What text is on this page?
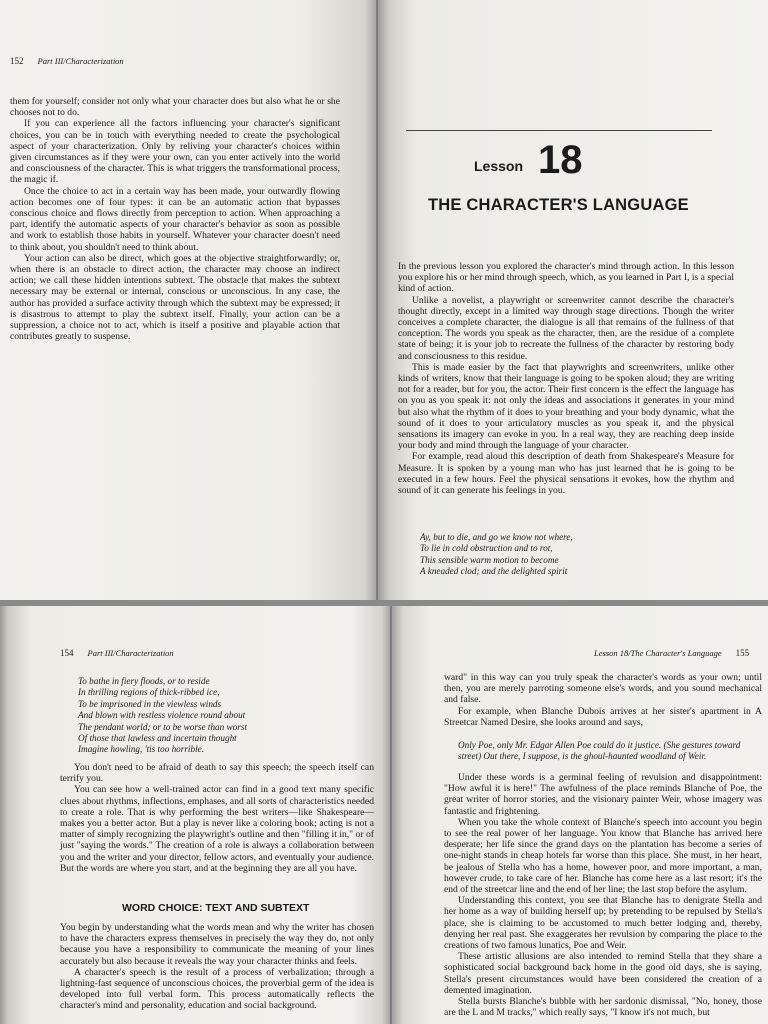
152 Part III/Characterization

them for yourself; consider not only what your character does but also what he or she chooses not to do.

If you can experience all the factors influencing your character's significant choices, you can be in touch with everything needed to create the psychological aspect of your characterization. Only by reliving your character's choices within given circumstances as if they were your own, can you enter actively into the world and consciousness of the character. This is what triggers the transformational process, the magic if.

Once the choice to act in a certain way has been made, your outwardly flowing action becomes one of four types: it can be an automatic action that bypasses conscious choice and flows directly from perception to action. When approaching a part, identify the automatic aspects of your character's behavior as soon as possible and work to establish those habits in yourself. Whatever your character doesn't need to think about, you shouldn't need to think about.

Your action can also be direct, which goes at the objective straightforwardly; or, when there is an obstacle to direct action, the character may choose an indirect action; we call these hidden intentions subtext. The obstacle that makes the subtext necessary may be external or internal, conscious or unconscious. In any case, the author has provided a surface activity through which the subtext may be expressed; it is disastrous to attempt to play the subtext itself. Finally, your action can be a suppression, a choice not to act, which is itself a positive and playable action that contributes greatly to suspense.

Lesson 18
THE CHARACTER'S LANGUAGE

In the previous lesson you explored the character's mind through action. In this lesson you explore his or her mind through speech, which, as you learned in Part I, is a special kind of action.

Unlike a novelist, a playwright or screenwriter cannot describe the character's thought directly, except in a limited way through stage directions. Though the writer conceives a complete character, the dialogue is all that remains of the fullness of that conception. The words you speak as the character, then, are the residue of a complete state of being; it is your job to recreate the fullness of the character by restoring body and consciousness to this residue.

This is made easier by the fact that playwrights and screenwriters, unlike other kinds of writers, know that their language is going to be spoken aloud; they are writing not for a reader, but for you, the actor. Their first concern is the effect the language has on you as you speak it: not only the ideas and associations it generates in your mind but also what the rhythm of it does to your breathing and your body dynamic, what the sound of it does to your articulatory muscles as you speak it, and the physical sensations its imagery can evoke in you. In a real way, they are reaching deep inside your body and mind through the language of your character.

For example, read aloud this description of death from Shakespeare's Measure for Measure. It is spoken by a young man who has just learned that he is going to be executed in a few hours. Feel the physical sensations it evokes, how the rhythm and sound of it can generate his feelings in you.

Ay, but to die, and go we know not where,
To lie in cold obstruction and to rot,
This sensible warm motion to become
A kneaded clod; and the delighted spirit
154 Part III/Characterization
To bathe in fiery floods, or to reside
In thrilling regions of thick-ribbed ice,
To be imprisoned in the viewless winds
And blown with restless violence round about
The pendant world; or to be worse than worst
Of those that lawless and incertain thought
Imagine howling, 'tis too horrible.

You don't need to be afraid of death to say this speech; the speech itself can terrify you.

You can see how a well-trained actor can find in a good text many specific clues about rhythms, inflections, emphases, and all sorts of characteristics needed to create a role. That is why performing the best writers—like Shakespeare—makes you a better actor. But a play is never like a coloring book; acting is not a matter of simply recognizing the playwright's outline and then "filling it in," or of just "saying the words." The creation of a role is always a collaboration between you and the writer and your director, fellow actors, and eventually your audience. But the words are where you start, and at the beginning they are all you have.

WORD CHOICE: TEXT AND SUBTEXT

You begin by understanding what the words mean and why the writer has chosen to have the characters express themselves in precisely the way they do, not only because you have a responsibility to communicate the meaning of your lines accurately but also because it reveals the way your character thinks and feels.

A character's speech is the result of a process of verbalization; through a lightning-fast sequence of unconscious choices, the proverbial germ of the idea is developed into full verbal form. This process automatically reflects the character's mind and personality, education and social background.

Lesson 18/The Character's Language 155

ward" in this way can you truly speak the character's words as your own; until then, you are merely parroting someone else's words, and you sound mechanical and false.

For example, when Blanche Dubois arrives at her sister's apartment in A Streetcar Named Desire, she looks around and says,

Only Poe, only Mr. Edgar Allen Poe could do it justice. (She gestures toward street) Out there, I suppose, is the ghoul-haunted woodland of Weir.

Under these words is a germinal feeling of revulsion and disappointment: "How awful it is here!" The awfulness of the place reminds Blanche of Poe, the great writer of horror stories, and the visionary painter Weir, whose imagery was fantastic and frightening.

When you take the whole context of Blanche's speech into account you begin to see the real power of her language. You know that Blanche has arrived here desperate; her life since the grand days on the plantation has become a series of one-night stands in cheap hotels far worse than this place. She must, in her heart, be jealous of Stella who has a home, however poor, and more important, a man, however crude, to take care of her. Blanche has come here as a last resort; it's the end of the streetcar line and the end of her line; the last stop before the asylum.

Understanding this context, you see that Blanche has to denigrate Stella and her home as a way of building herself up; by pretending to be repulsed by Stella's place, she is claiming to be accustomed to much better lodging and, thereby, denying her real past. She exaggerates her revulsion by comparing the place to the creations of two famous lunatics, Poe and Weir.

These artistic allusions are also intended to remind Stella that they share a sophisticated social background back home in the good old days, she is saying, Stella's present circumstances would have been considered the creation of a demented imagination.

Stella bursts Blanche's bubble with her sardonic dismissal, "No, honey, those are the L and M tracks," which really says, "I know it's not much, but
